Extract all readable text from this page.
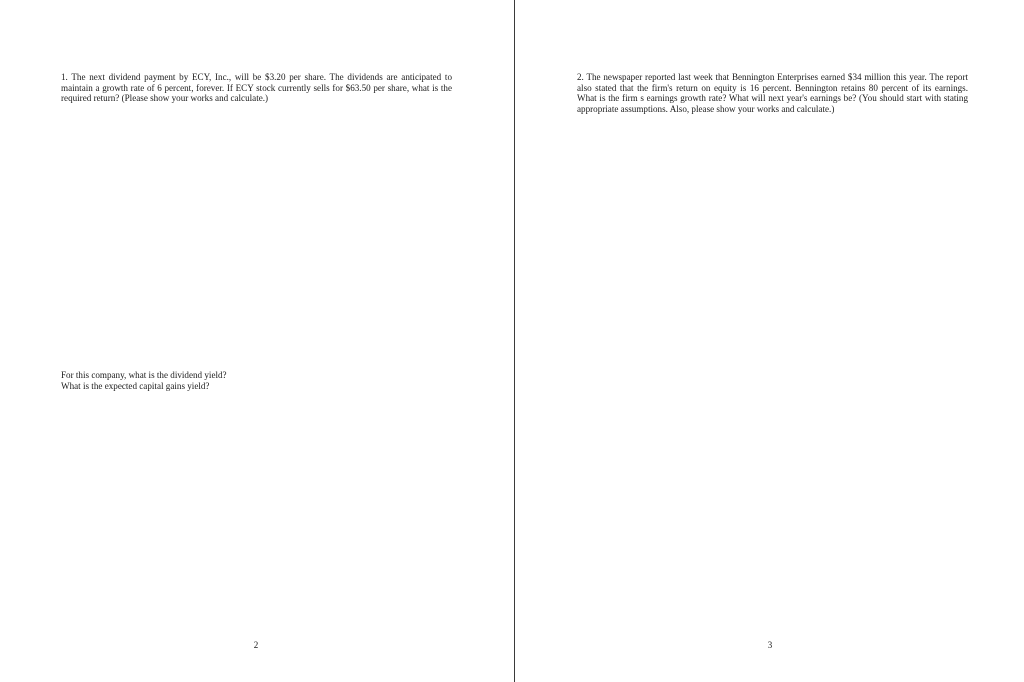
1. The next dividend payment by ECY, Inc., will be $3.20 per share. The dividends are anticipated to maintain a growth rate of 6 percent, forever. If ECY stock currently sells for $63.50 per share, what is the required return? (Please show your works and calculate.)

For this company, what is the dividend yield?
What is the expected capital gains yield?

2

2. The newspaper reported last week that Bennington Enterprises earned $34 million this year. The report also stated that the firm's return on equity is 16 percent. Bennington retains 80 percent of its earnings. What is the firm s earnings growth rate? What will next year's earnings be? (You should start with stating appropriate assumptions. Also, please show your works and calculate.)

3
